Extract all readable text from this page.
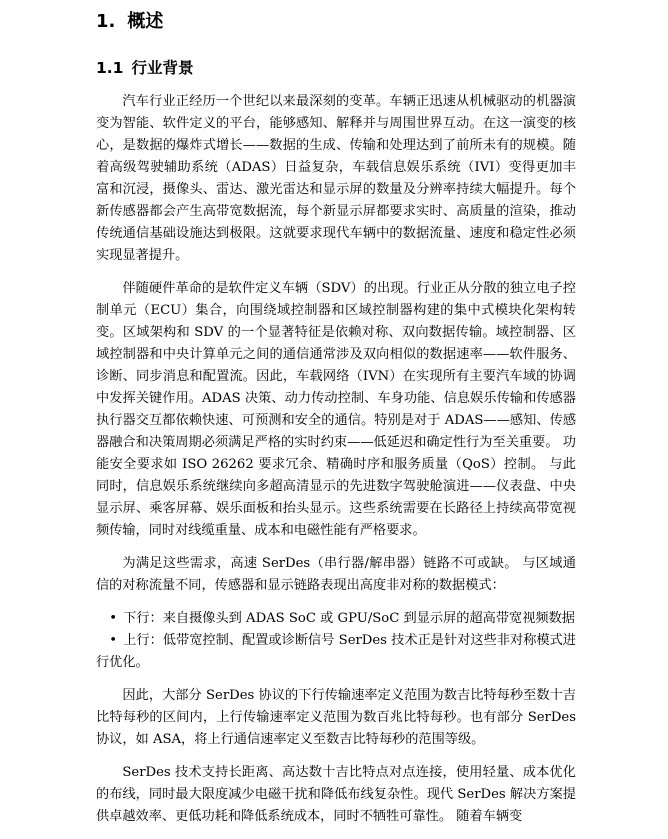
1. 概述
1.1 行业背景

汽车行业正经历一个世纪以来最深刻的变革。车辆正迅速从机械驱动的机器演变为智能、软件定义的平台，能够感知、解释并与周围世界互动。在这一演变的核心，是数据的爆炸式增长——数据的生成、传输和处理达到了前所未有的规模。随着高级驾驶辅助系统（ADAS）日益复杂，车载信息娱乐系统（IVI）变得更加丰富和沉浸，摄像头、雷达、激光雷达和显示屏的数量及分辨率持续大幅提升。每个新传感器都会产生高带宽数据流，每个新显示屏都要求实时、高质量的渲染，推动传统通信基础设施达到极限。这就要求现代车辆中的数据流量、速度和稳定性必须实现显著提升。

伴随硬件革命的是软件定义车辆（SDV）的出现。行业正从分散的独立电子控制单元（ECU）集合，向围绕域控制器和区域控制器构建的集中式模块化架构转变。区域架构和 SDV 的一个显著特征是依赖对称、双向数据传输。域控制器、区域控制器和中央计算单元之间的通信通常涉及双向相似的数据速率——软件服务、诊断、同步消息和配置流。因此，车载网络（IVN）在实现所有主要汽车域的协调中发挥关键作用。ADAS 决策、动力传动控制、车身功能、信息娱乐传输和传感器执行器交互都依赖快速、可预测和安全的通信。特别是对于 ADAS——感知、传感器融合和决策周期必须满足严格的实时约束——低延迟和确定性行为至关重要。 功能安全要求如 ISO 26262 要求冗余、精确时序和服务质量（QoS）控制。 与此同时，信息娱乐系统继续向多超高清显示的先进数字驾驶舱演进——仪表盘、中央显示屏、乘客屏幕、娱乐面板和抬头显示。这些系统需要在长路径上持续高带宽视频传输，同时对线缆重量、成本和电磁性能有严格要求。

为满足这些需求，高速 SerDes（串行器/解串器）链路不可或缺。 与区域通信的对称流量不同，传感器和显示链路表现出高度非对称的数据模式：

• 下行：来自摄像头到 ADAS SoC 或 GPU/SoC 到显示屏的超高带宽视频数据
• 上行：低带宽控制、配置或诊断信号 SerDes 技术正是针对这些非对称模式进行优化。

因此，大部分 SerDes 协议的下行传输速率定义范围为数吉比特每秒至数十吉比特每秒的区间内，上行传输速率定义范围为数百兆比特每秒。也有部分 SerDes 协议，如 ASA，将上行通信速率定义至数吉比特每秒的范围等级。

SerDes 技术支持长距离、高达数十吉比特点对点连接，使用轻量、成本优化的布线，同时最大限度减少电磁干扰和降低布线复杂性。现代 SerDes 解决方案提供卓越效率、更低功耗和降低系统成本，同时不牺牲可靠性。 随着车辆变
